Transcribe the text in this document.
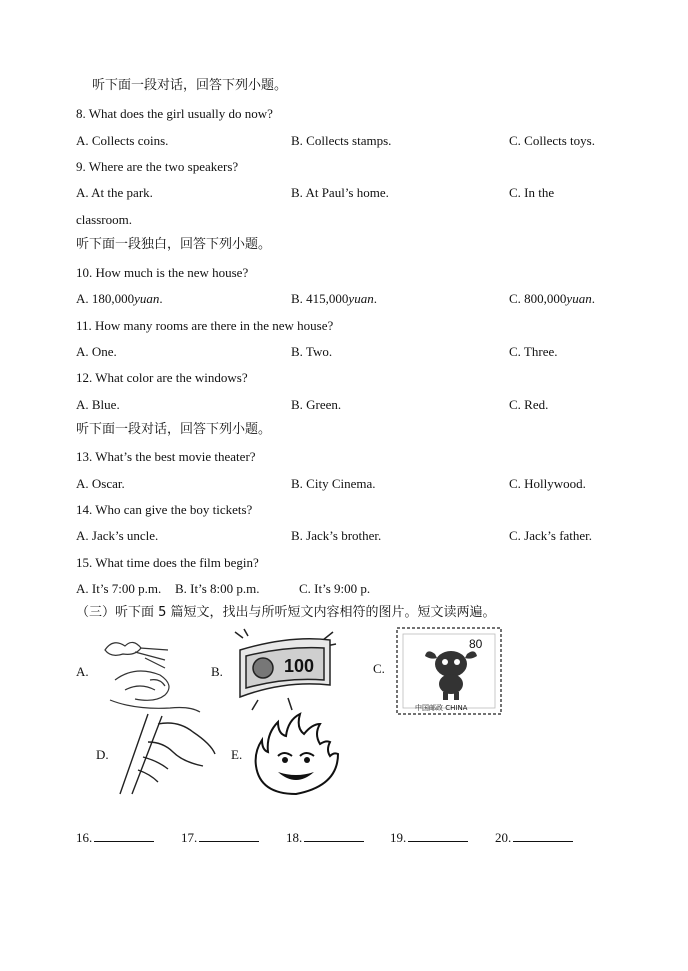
听下面一段对话，回答下列小题。
8. What does the girl usually do now?
A. Collects coins.	B. Collects stamps.	C. Collects toys.
9. Where are the two speakers?
A. At the park.	B. At Paul’s home.	C. In the
classroom.
听下面一段独白，回答下列小题。
10. How much is the new house?
A. 180,000yuan.	B. 415,000yuan.	C. 800,000yuan.
11. How many rooms are there in the new house?
A. One.	B. Two.	C. Three.
12. What color are the windows?
A. Blue.	B. Green.	C. Red.
听下面一段对话，回答下列小题。
13. What’s the best movie theater?
A. Oscar.	B. City Cinema.	C. Hollywood.
14. Who can give the boy tickets?
A. Jack’s uncle.	B. Jack’s brother.	C. Jack’s father.
15. What time does the film begin?
A. It’s 7:00 p.m. B. It’s 8:00 p.m.	C. It’s 9:00 p.
（三）听下面 5 篇短文，找出与所听短文内容相符的图片。短文读两遍。
A.	B.	100	C.
80
中国邮政 CHINA
D.	E.
16.	17.	18.	19.	20.
